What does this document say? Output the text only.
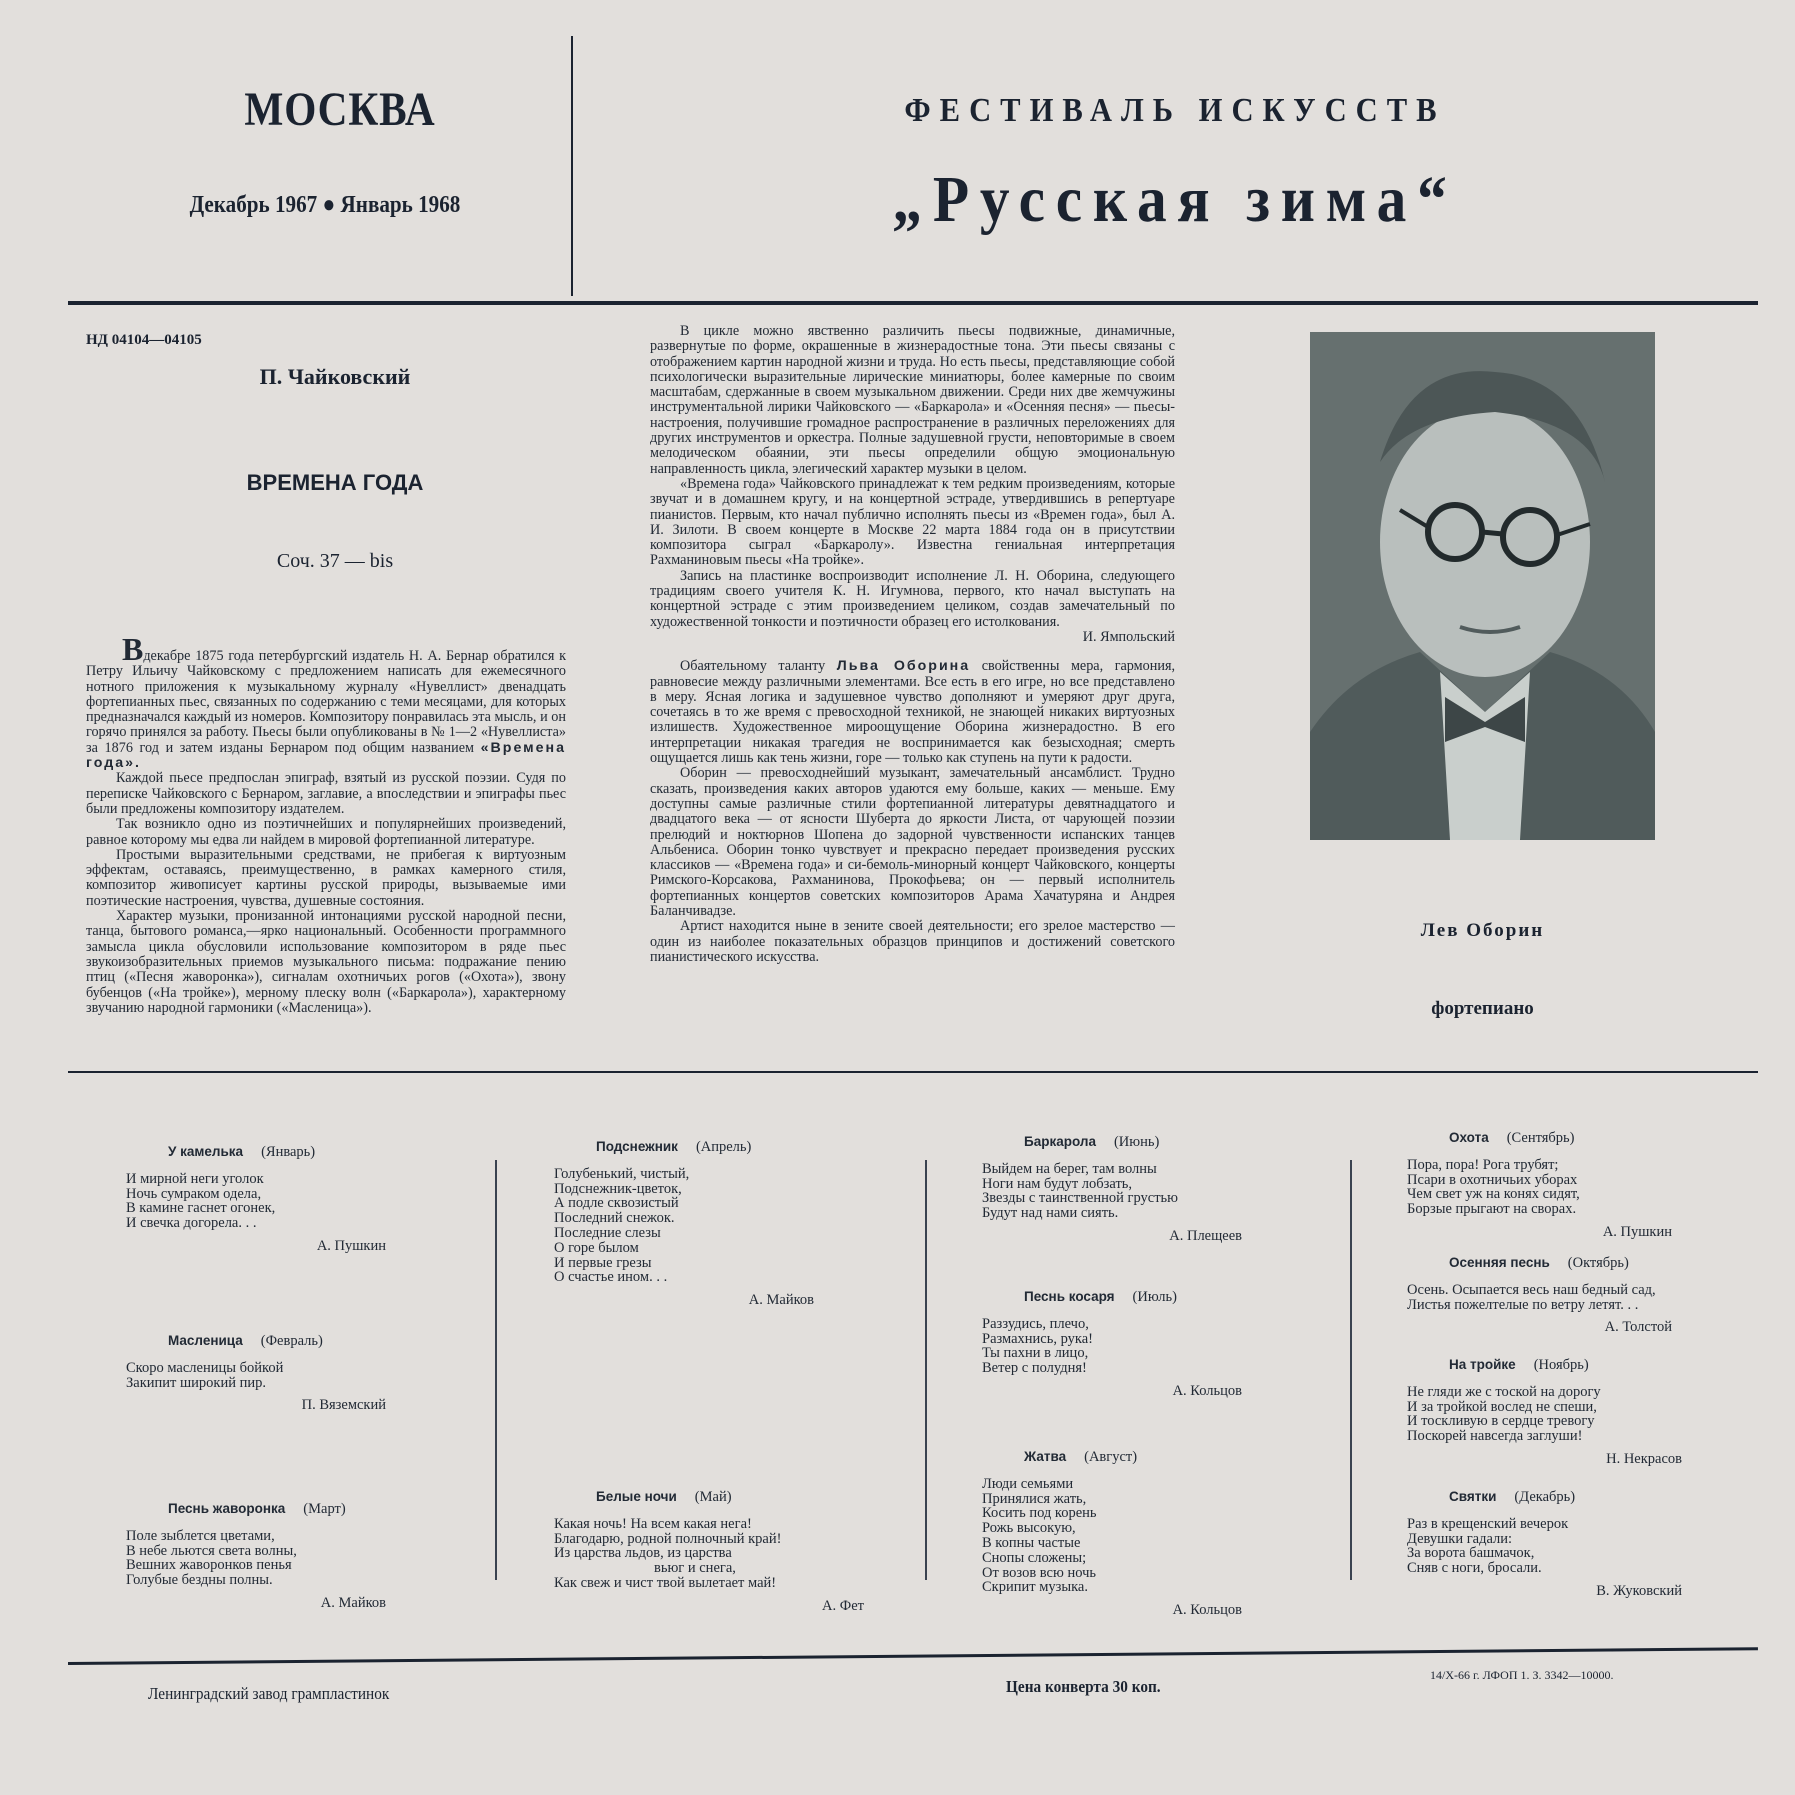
МОСКВА
Декабрь 1967 ● Январь 1968
ФЕСТИВАЛЬ ИСКУССТВ
„Русская зима“
НД 04104—04105
П. Чайковский
ВРЕМЕНА ГОДА
Соч. 37 — bis

Вдекабре 1875 года петербургский издатель Н. А. Бернар обратился к Петру Ильичу Чайковскому с предложением написать для ежемесячного нотного приложения к музыкальному журналу «Нувеллист» двенадцать фортепианных пьес, связанных по содержанию с теми месяцами, для которых предназначался каждый из номеров. Композитору понравилась эта мысль, и он горячо принялся за работу. Пьесы были опубликованы в № 1—2 «Нувеллиста» за 1876 год и затем изданы Бернаром под общим названием «Времена года».

Каждой пьесе предпослан эпиграф, взятый из русской поэзии. Судя по переписке Чайковского с Бернаром, заглавие, а впоследствии и эпиграфы пьес были предложены композитору издателем.

Так возникло одно из поэтичнейших и популярнейших произведений, равное которому мы едва ли найдем в мировой фортепианной литературе.

Простыми выразительными средствами, не прибегая к виртуозным эффектам, оставаясь, преимущественно, в рамках камерного стиля, композитор живописует картины русской природы, вызываемые ими поэтические настроения, чувства, душевные состояния.

Характер музыки, пронизанной интонациями русской народной песни, танца, бытового романса,—ярко национальный. Особенности программного замысла цикла обусловили использование композитором в ряде пьес звукоизобразительных приемов музыкального письма: подражание пению птиц («Песня жаворонка»), сигналам охотничьих рогов («Охота»), звону бубенцов («На тройке»), мерному плеску волн («Баркарола»), характерному звучанию народной гармоники («Масленица»).

В цикле можно явственно различить пьесы подвижные, динамичные, развернутые по форме, окрашенные в жизнерадостные тона. Эти пьесы связаны с отображением картин народной жизни и труда. Но есть пьесы, представляющие собой психологически выразительные лирические миниатюры, более камерные по своим масштабам, сдержанные в своем музыкальном движении. Среди них две жемчужины инструментальной лирики Чайковского — «Баркарола» и «Осенняя песня» — пьесы-настроения, получившие громадное распространение в различных переложениях для других инструментов и оркестра. Полные задушевной грусти, неповторимые в своем мелодическом обаянии, эти пьесы определили общую эмоциональную направленность цикла, элегический характер музыки в целом.

«Времена года» Чайковского принадлежат к тем редким произведениям, которые звучат и в домашнем кругу, и на концертной эстраде, утвердившись в репертуаре пианистов. Первым, кто начал публично исполнять пьесы из «Времен года», был А. И. Зилоти. В своем концерте в Москве 22 марта 1884 года он в присутствии композитора сыграл «Баркаролу». Известна гениальная интерпретация Рахманиновым пьесы «На тройке».

Запись на пластинке воспроизводит исполнение Л. Н. Оборина, следующего традициям своего учителя К. Н. Игумнова, первого, кто начал выступать на концертной эстраде с этим произведением целиком, создав замечательный по художественной тонкости и поэтичности образец его истолкования.

И. Ямпольский

Обаятельному таланту Льва Оборина свойственны мера, гармония, равновесие между различными элементами. Все есть в его игре, но все представлено в меру. Ясная логика и задушевное чувство дополняют и умеряют друг друга, сочетаясь в то же время с превосходной техникой, не знающей никаких виртуозных излишеств. Художественное мироощущение Оборина жизнерадостно. В его интерпретации никакая трагедия не воспринимается как безысходная; смерть ощущается лишь как тень жизни, горе — только как ступень на пути к радости.

Оборин — превосходнейший музыкант, замечательный ансамблист. Трудно сказать, произведения каких авторов удаются ему больше, каких — меньше. Ему доступны самые различные стили фортепианной литературы девятнадцатого и двадцатого века — от ясности Шуберта до яркости Листа, от чарующей поэзии прелюдий и ноктюрнов Шопена до задорной чувственности испанских танцев Альбениса. Оборин тонко чувствует и прекрасно передает произведения русских классиков — «Времена года» и си-бемоль-минорный концерт Чайковского, концерты Римского-Корсакова, Рахманинова, Прокофьева; он — первый исполнитель фортепианных концертов советских композиторов Арама Хачатуряна и Андрея Баланчивадзе.

Артист находится ныне в зените своей деятельности; его зрелое мастерство — один из наиболее показательных образцов принципов и достижений советского пианистического искусства.

Лев Оборин
фортепиано
У камелька (Январь)
И мирной неги уголок
Ночь сумраком одела,
В камине гаснет огонек,
И свечка догорела. . .
А. Пушкин
Масленица (Февраль)
Скоро масленицы бойкой
Закипит широкий пир.
П. Вяземский
Песнь жаворонка (Март)
Поле зыблется цветами,
В небе льются света волны,
Вешних жаворонков пенья
Голубые бездны полны.
А. Майков
Подснежник (Апрель)
Голубенький, чистый,
Подснежник-цветок,
А подле сквозистый
Последний снежок.
Последние слезы
О горе былом
И первые грезы
О счастье ином. . .
А. Майков
Белые ночи (Май)
Какая ночь! На всем какая нега!
Благодарю, родной полночный край!
Из царства льдов, из царства
вьюг и снега,
Как свеж и чист твой вылетает май!
А. Фет
Баркарола (Июнь)
Выйдем на берег, там волны
Ноги нам будут лобзать,
Звезды с таинственной грустью
Будут над нами сиять.
А. Плещеев
Песнь косаря (Июль)
Раззудись, плечо,
Размахнись, рука!
Ты пахни в лицо,
Ветер с полудня!
А. Кольцов
Жатва (Август)
Люди семьями
Принялися жать,
Косить под корень
Рожь высокую,
В копны частые
Снопы сложены;
От возов всю ночь
Скрипит музыка.
А. Кольцов
Охота (Сентябрь)
Пора, пора! Рога трубят;
Псари в охотничьих уборах
Чем свет уж на конях сидят,
Борзые прыгают на сворах.
А. Пушкин
Осенняя песнь (Октябрь)
Осень. Осыпается весь наш бедный сад,
Листья пожелтелые по ветру летят. . .
А. Толстой
На тройке (Ноябрь)
Не гляди же с тоской на дорогу
И за тройкой вослед не спеши,
И тоскливую в сердце тревогу
Поскорей навсегда заглуши!
Н. Некрасов
Святки (Декабрь)
Раз в крещенский вечерок
Девушки гадали:
За ворота башмачок,
Сняв с ноги, бросали.
В. Жуковский
Ленинградский завод грампластинок	Цена конверта 30 коп.
14/X-66 г. ЛФОП 1. З. 3342—10000.
